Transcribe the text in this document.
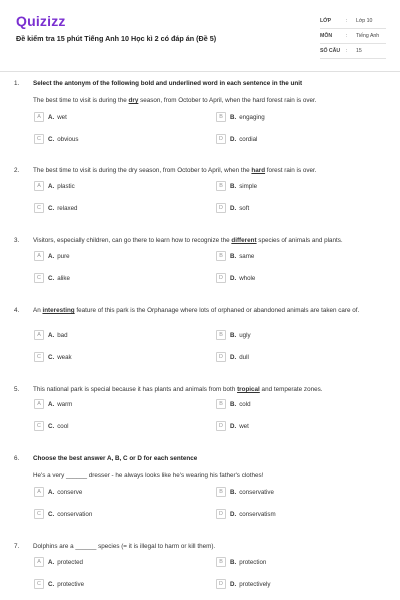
Quizizz
Đề kiểm tra 15 phút Tiếng Anh 10 Học kì 2 có đáp án (Đề 5)
LỚP	:	Lớp 10
MÔN	:	Tiếng Anh
SỐ CÂU	:	15
1. Select the antonym of the following bold and underlined word in each sentence in the unit
The best time to visit is during the dry season, from October to April, when the hard forest rain is over.
A	A. wet	B	B. engaging
C	C. obvious	D	D. cordial
2. The best time to visit is during the dry season, from October to April, when the hard forest rain is over.
A	A. plastic	B	B. simple
C	C. relaxed	D	D. soft
3. Visitors, especially children, can go there to learn how to recognize the different species of animals and plants.
A	A. pure	B	B. same
C	C. alike	D	D. whole
4. An interesting feature of this park is the Orphanage where lots of orphaned or abandoned animals are taken care of.
A	A. bad	B	B. ugly
C	C. weak	D	D. dull
5. This national park is special because it has plants and animals from both tropical and temperate zones.
A	A. warm	B	B. cold
C	C. cool	D	D. wet
6. Choose the best answer A, B, C or D for each sentence
He's a very ______ dresser - he always looks like he's wearing his father's clothes!
A	A. conserve	B	B. conservative
C	C. conservation	D	D. conservatism
7. Dolphins are a ______ species (= it is illegal to harm or kill them).
A	A. protected	B	B. protection
C	C. protective	D	D. protectively
